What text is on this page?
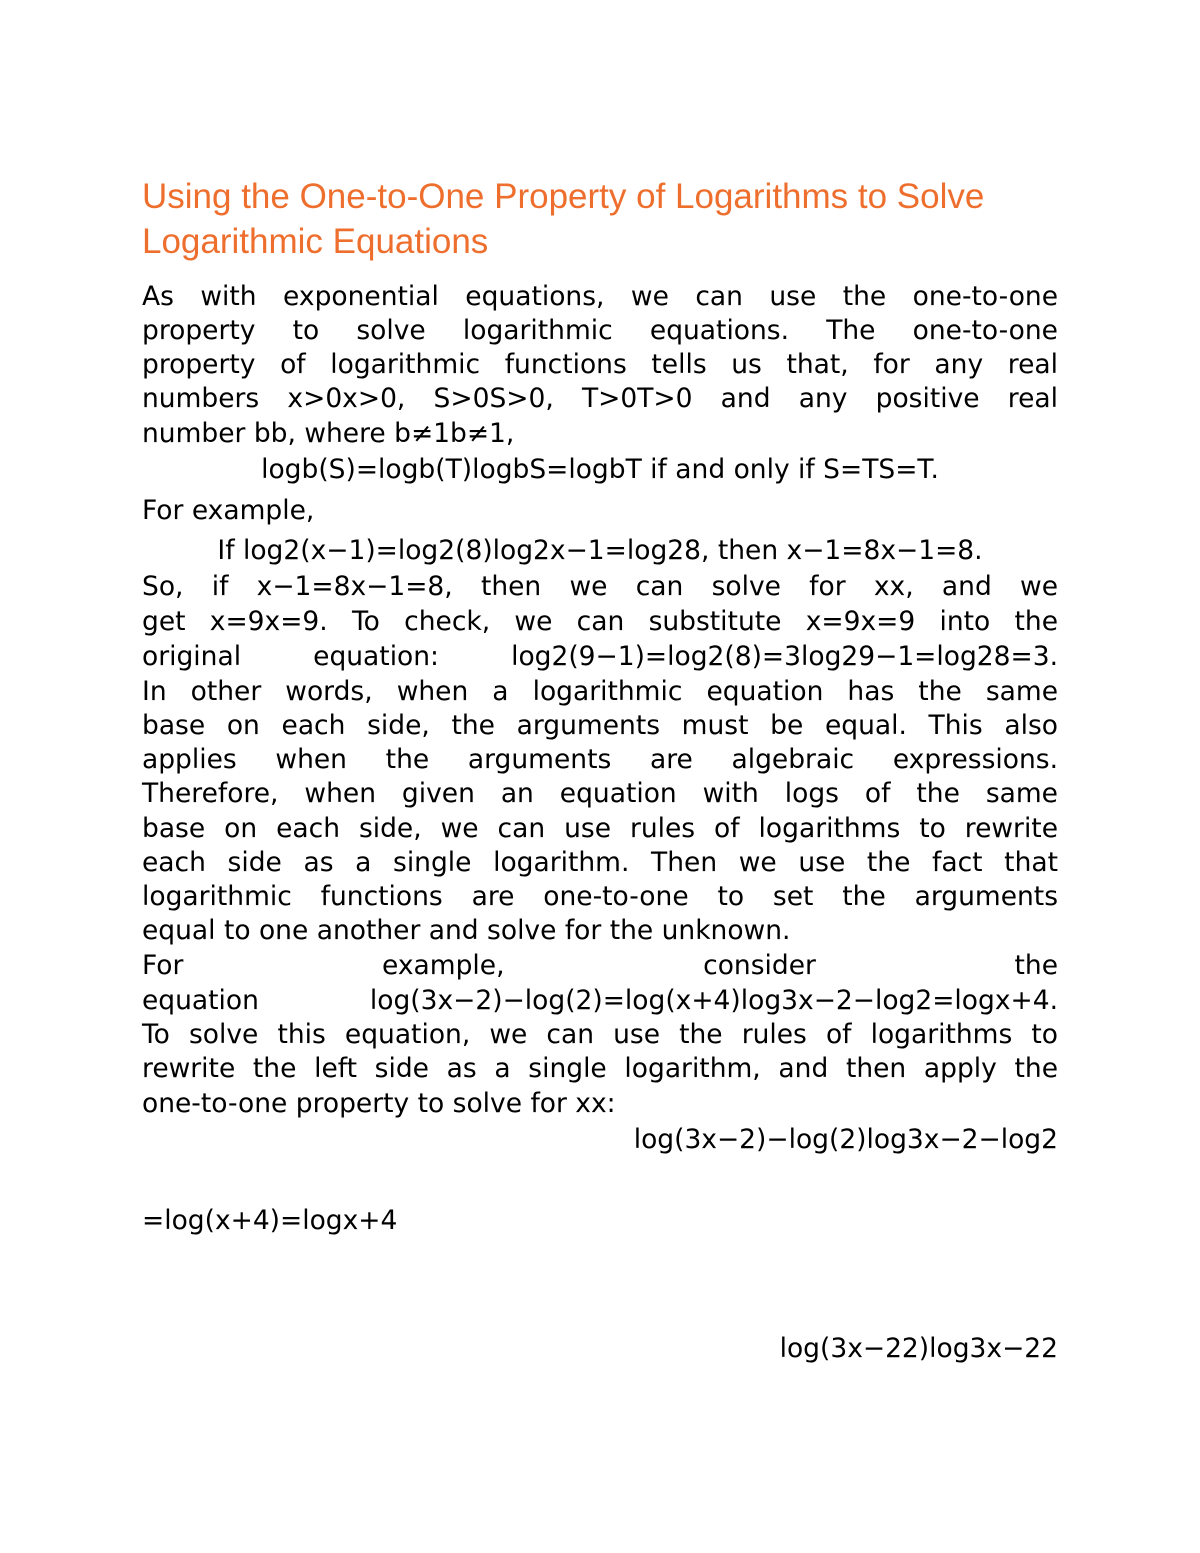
Using the One-to-One Property of Logarithms to Solve Logarithmic Equations
As with exponential equations, we can use the one-to-one
property to solve logarithmic equations. The one-to-one
property of logarithmic functions tells us that, for any real
numbers x>0x>0, S>0S>0, T>0T>0 and any positive real
number bb, where b≠1b≠1,
logb(S)=logb(T)logbS=logbT if and only if S=TS=T.
For example,
If log2(x−1)=log2(8)log2x−1=log28, then x−1=8x−1=8.
So, if x−1=8x−1=8, then we can solve for xx, and we
get x=9x=9. To check, we can substitute x=9x=9 into the
original equation: log2(9−1)=log2(8)=3log29−1=log28=3.
In other words, when a logarithmic equation has the same
base on each side, the arguments must be equal. This also
applies when the arguments are algebraic expressions.
Therefore, when given an equation with logs of the same
base on each side, we can use rules of logarithms to rewrite
each side as a single logarithm. Then we use the fact that
logarithmic functions are one-to-one to set the arguments
equal to one another and solve for the unknown.
For example, consider the
equation log(3x−2)−log(2)=log(x+4)log3x−2−log2=logx+4.
To solve this equation, we can use the rules of logarithms to
rewrite the left side as a single logarithm, and then apply the
one-to-one property to solve for xx:
log(3x−2)−log(2)log3x−2−log2
=log(x+4)=logx+4
log(3x−22)log3x−22
